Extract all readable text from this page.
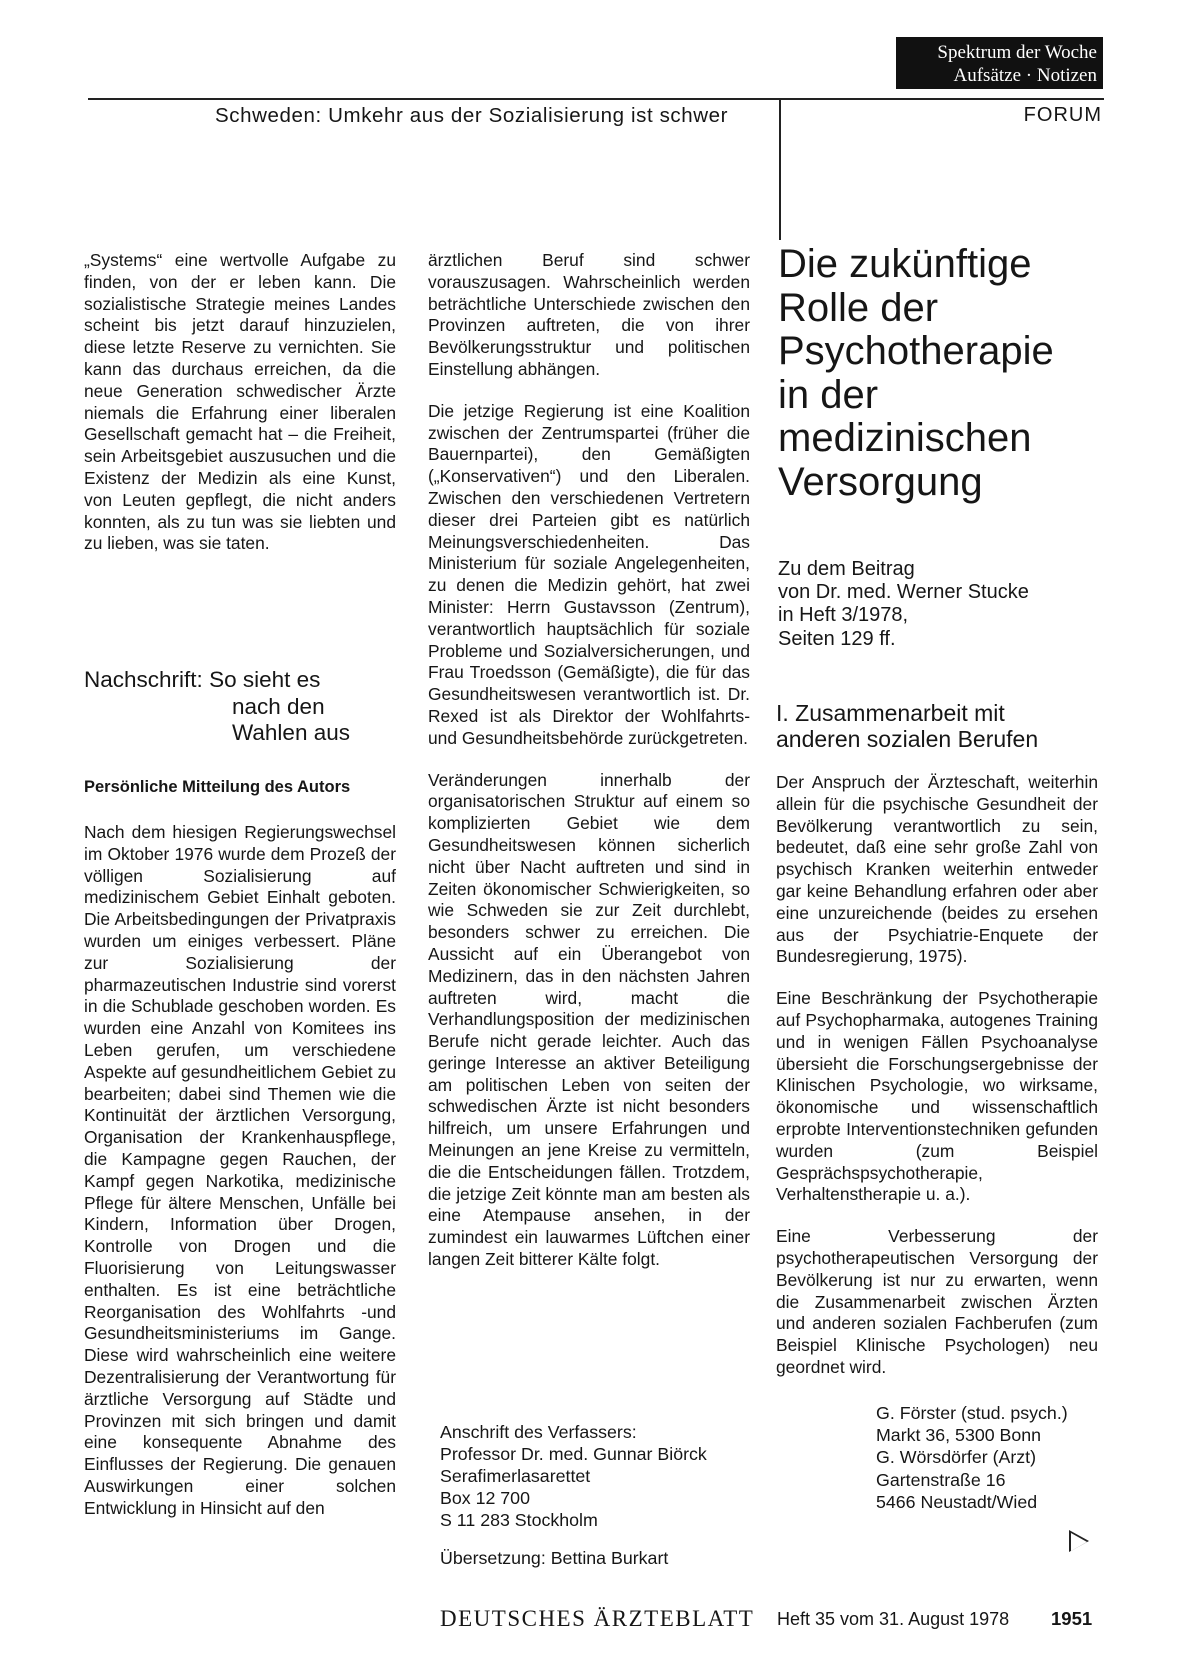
Spektrum der Woche
Aufsätze · Notizen
Schweden: Umkehr aus der Sozialisierung ist schwer	FORUM

„Systems“ eine wertvolle Aufgabe zu finden, von der er leben kann. Die sozialistische Strategie meines Landes scheint bis jetzt darauf hinzuzielen, diese letzte Reserve zu vernichten. Sie kann das durchaus erreichen, da die neue Generation schwedischer Ärzte niemals die Erfahrung einer liberalen Gesellschaft gemacht hat – die Freiheit, sein Arbeitsgebiet auszusuchen und die Existenz der Medizin als eine Kunst, von Leuten gepflegt, die nicht anders konnten, als zu tun was sie liebten und zu lieben, was sie taten.

Nachschrift: So sieht es
nach den
Wahlen aus
Persönliche Mitteilung des Autors

Nach dem hiesigen Regierungswechsel im Oktober 1976 wurde dem Prozeß der völligen Sozialisierung auf medizinischem Gebiet Einhalt geboten. Die Arbeitsbedingungen der Privatpraxis wurden um einiges verbessert. Pläne zur Sozialisierung der pharmazeutischen Industrie sind vorerst in die Schublade geschoben worden. Es wurden eine Anzahl von Komitees ins Leben gerufen, um verschiedene Aspekte auf gesundheitlichem Gebiet zu bearbeiten; dabei sind Themen wie die Kontinuität der ärztlichen Versorgung, Organisation der Krankenhauspflege, die Kampagne gegen Rauchen, der Kampf gegen Narkotika, medizinische Pflege für ältere Menschen, Unfälle bei Kindern, Information über Drogen, Kontrolle von Drogen und die Fluorisierung von Leitungswasser enthalten. Es ist eine beträchtliche Reorganisation des Wohlfahrts -und Gesundheitsministeriums im Gange. Diese wird wahrscheinlich eine weitere Dezentralisierung der Verantwortung für ärztliche Versorgung auf Städte und Provinzen mit sich bringen und damit eine konsequente Abnahme des Einflusses der Regierung. Die genauen Auswirkungen einer solchen Entwicklung in Hinsicht auf den

ärztlichen Beruf sind schwer vorauszusagen. Wahrscheinlich werden beträchtliche Unterschiede zwischen den Provinzen auftreten, die von ihrer Bevölkerungsstruktur und politischen Einstellung abhängen.

Die jetzige Regierung ist eine Koalition zwischen der Zentrumspartei (früher die Bauernpartei), den Gemäßigten („Konservativen“) und den Liberalen. Zwischen den verschiedenen Vertretern dieser drei Parteien gibt es natürlich Meinungsverschiedenheiten. Das Ministerium für soziale Angelegenheiten, zu denen die Medizin gehört, hat zwei Minister: Herrn Gustavsson (Zentrum), verantwortlich hauptsächlich für soziale Probleme und Sozialversicherungen, und Frau Troedsson (Gemäßigte), die für das Gesundheitswesen verantwortlich ist. Dr. Rexed ist als Direktor der Wohlfahrts- und Gesundheitsbehörde zurückgetreten.

Veränderungen innerhalb der organisatorischen Struktur auf einem so komplizierten Gebiet wie dem Gesundheitswesen können sicherlich nicht über Nacht auftreten und sind in Zeiten ökonomischer Schwierigkeiten, so wie Schweden sie zur Zeit durchlebt, besonders schwer zu erreichen. Die Aussicht auf ein Überangebot von Medizinern, das in den nächsten Jahren auftreten wird, macht die Verhandlungsposition der medizinischen Berufe nicht gerade leichter. Auch das geringe Interesse an aktiver Beteiligung am politischen Leben von seiten der schwedischen Ärzte ist nicht besonders hilfreich, um unsere Erfahrungen und Meinungen an jene Kreise zu vermitteln, die die Entscheidungen fällen. Trotzdem, die jetzige Zeit könnte man am besten als eine Atempause ansehen, in der zumindest ein lauwarmes Lüftchen einer langen Zeit bitterer Kälte folgt.

Anschrift des Verfassers:
Professor Dr. med. Gunnar Biörck
Serafimerlasarettet
Box 12 700
S 11 283 Stockholm
Übersetzung: Bettina Burkart
Die zukünftige
Rolle der
Psychotherapie
in der
medizinischen
Versorgung
Zu dem Beitrag
von Dr. med. Werner Stucke
in Heft 3/1978,
Seiten 129 ff.
I. Zusammenarbeit mit
anderen sozialen Berufen

Der Anspruch der Ärzteschaft, weiterhin allein für die psychische Gesundheit der Bevölkerung verantwortlich zu sein, bedeutet, daß eine sehr große Zahl von psychisch Kranken weiterhin entweder gar keine Behandlung erfahren oder aber eine unzureichende (beides zu ersehen aus der Psychiatrie-Enquete der Bundesregierung, 1975).

Eine Beschränkung der Psychotherapie auf Psychopharmaka, autogenes Training und in wenigen Fällen Psychoanalyse übersieht die Forschungsergebnisse der Klinischen Psychologie, wo wirksame, ökonomische und wissenschaftlich erprobte Interventionstechniken gefunden wurden (zum Beispiel Gesprächspsychotherapie, Verhaltenstherapie u. a.).

Eine Verbesserung der psychotherapeutischen Versorgung der Bevölkerung ist nur zu erwarten, wenn die Zusammenarbeit zwischen Ärzten und anderen sozialen Fachberufen (zum Beispiel Klinische Psychologen) neu geordnet wird.

G. Förster (stud. psych.)
Markt 36, 5300 Bonn
G. Wörsdörfer (Arzt)
Gartenstraße 16
5466 Neustadt/Wied
DEUTSCHES ÄRZTEBLATT Heft 35 vom 31. August 1978 1951
